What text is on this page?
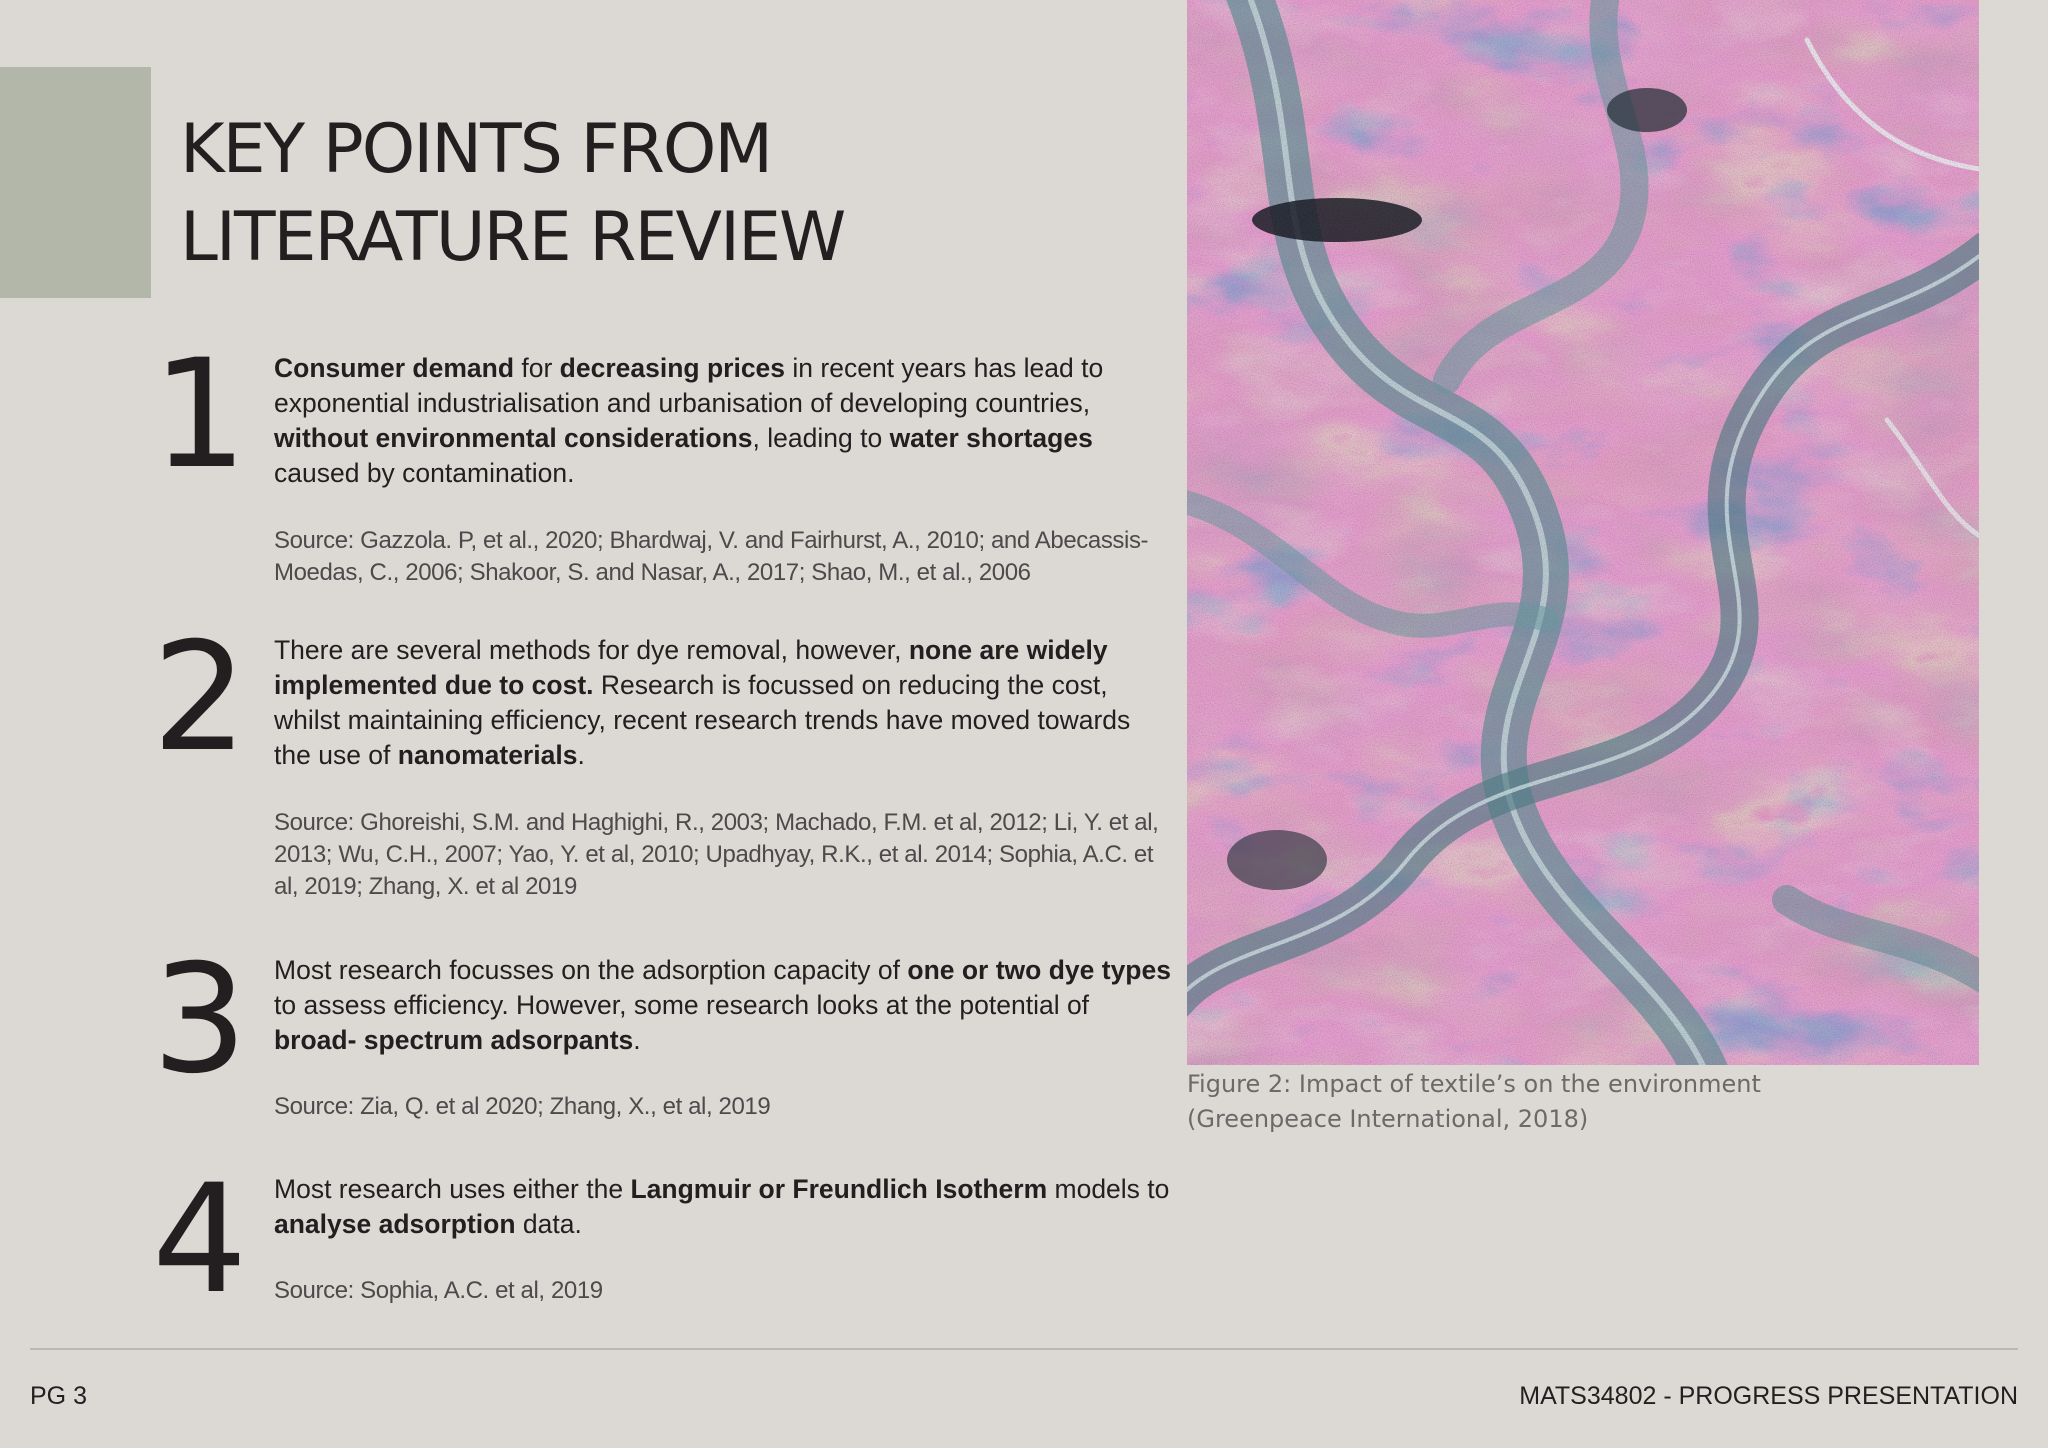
KEY POINTS FROM
LITERATURE REVIEW
1 Consumer demand for decreasing prices in recent years has lead to exponential industrialisation and urbanisation of developing countries, without environmental considerations, leading to water shortages caused by contamination.
Source: Gazzola. P, et al., 2020; Bhardwaj, V. and Fairhurst, A., 2010; and Abecassis-Moedas, C., 2006; Shakoor, S. and Nasar, A., 2017; Shao, M., et al., 2006
2 There are several methods for dye removal, however, none are widely implemented due to cost. Research is focussed on reducing the cost, whilst maintaining efficiency, recent research trends have moved towards the use of nanomaterials.
Source: Ghoreishi, S.M. and Haghighi, R., 2003; Machado, F.M. et al, 2012; Li, Y. et al, 2013; Wu, C.H., 2007; Yao, Y. et al, 2010; Upadhyay, R.K., et al. 2014; Sophia, A.C. et al, 2019; Zhang, X. et al 2019
3 Most research focusses on the adsorption capacity of one or two dye types to assess efficiency. However, some research looks at the potential of broad- spectrum adsorpants.
Source: Zia, Q. et al 2020; Zhang, X., et al, 2019
4 Most research uses either the Langmuir or Freundlich Isotherm models to analyse adsorption data.
Source: Sophia, A.C. et al, 2019
Figure 2: Impact of textile’s on the environment
(Greenpeace International, 2018)
PG 3	MATS34802 - PROGRESS PRESENTATION
